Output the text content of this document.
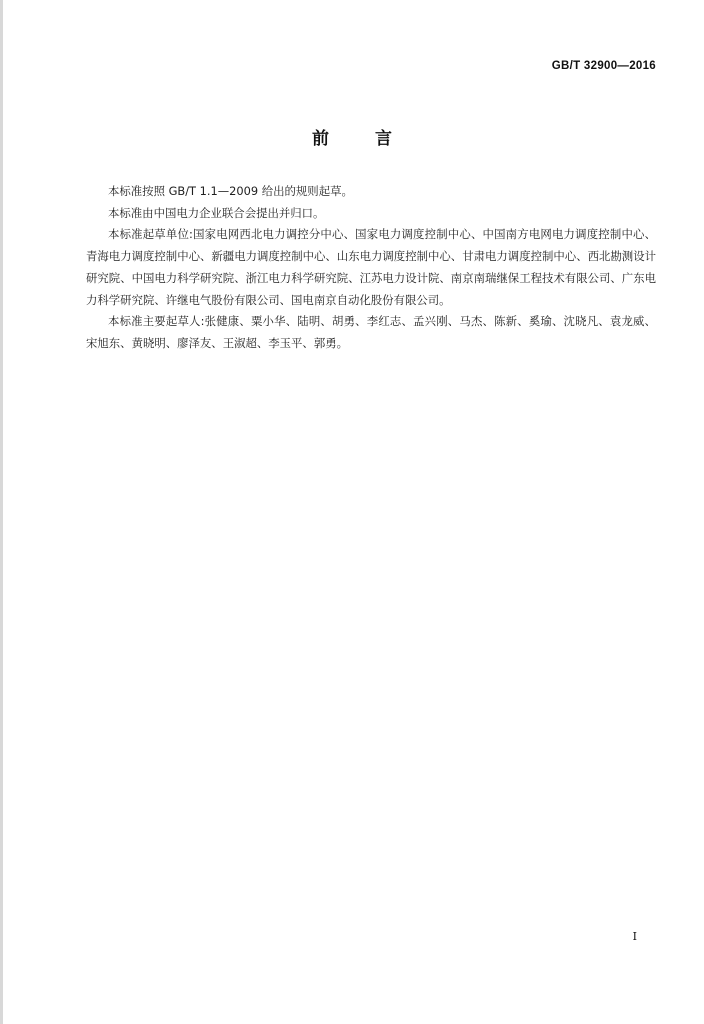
GB/T 32900—2016
前言

本标准按照 GB/T 1.1—2009 给出的规则起草。

本标准由中国电力企业联合会提出并归口。

本标准起草单位:国家电网西北电力调控分中心、国家电力调度控制中心、中国南方电网电力调度控制中心、青海电力调度控制中心、新疆电力调度控制中心、山东电力调度控制中心、甘肃电力调度控制中心、西北勘测设计研究院、中国电力科学研究院、浙江电力科学研究院、江苏电力设计院、南京南瑞继保工程技术有限公司、广东电力科学研究院、许继电气股份有限公司、国电南京自动化股份有限公司。

本标准主要起草人:张健康、粟小华、陆明、胡勇、李红志、孟兴刚、马杰、陈新、奚瑜、沈晓凡、袁龙威、宋旭东、黄晓明、廖泽友、王淑超、李玉平、郭勇。

I
